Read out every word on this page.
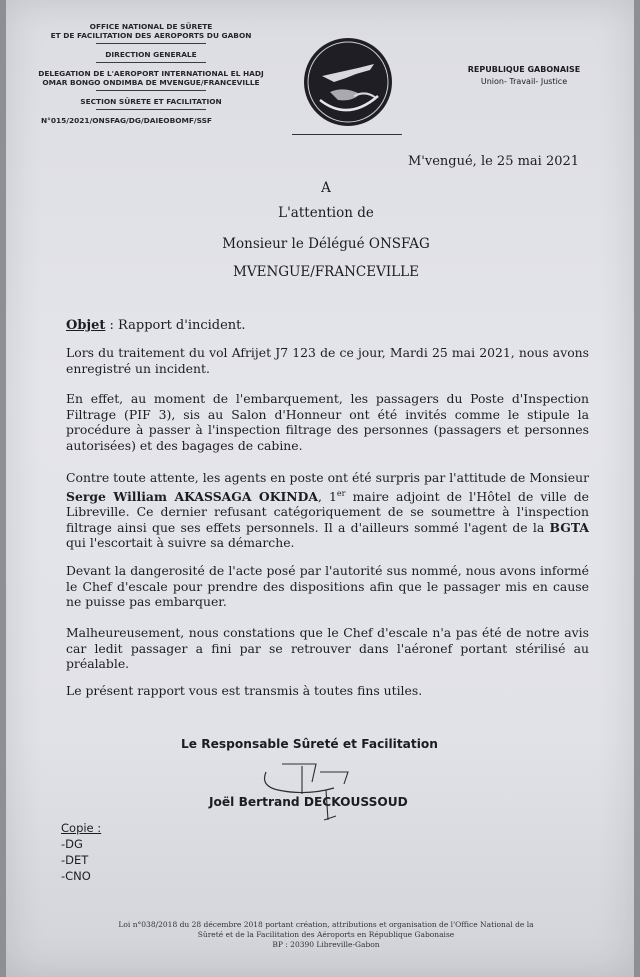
OFFICE NATIONAL DE SÛRETE
ET DE FACILITATION DES AEROPORTS DU GABON
DIRECTION GENERALE
DELEGATION DE L'AEROPORT INTERNATIONAL EL HADJ
OMAR BONGO ONDIMBA DE MVENGUE/FRANCEVILLE
SECTION SÛRETE ET FACILITATION
N°015/2021/ONSFAG/DG/DAIEOBOMF/SSF
REPUBLIQUE GABONAISE
Union- Travail- Justice
M'vengué, le 25 mai 2021
A
L'attention de
Monsieur le Délégué ONSFAG
MVENGUE/FRANCEVILLE
Objet : Rapport d'incident.
Lors du traitement du vol Afrijet J7 123 de ce jour, Mardi 25 mai 2021, nous avons enregistré un incident.
En effet, au moment de l'embarquement, les passagers du Poste d'Inspection Filtrage (PIF 3), sis au Salon d'Honneur ont été invités comme le stipule la procédure à passer à l'inspection filtrage des personnes (passagers et personnes autorisées) et des bagages de cabine.
Contre toute attente, les agents en poste ont été surpris par l'attitude de Monsieur Serge William AKASSAGA OKINDA, 1er maire adjoint de l'Hôtel de ville de Libreville. Ce dernier refusant catégoriquement de se soumettre à l'inspection filtrage ainsi que ses effets personnels. Il a d'ailleurs sommé l'agent de la BGTA qui l'escortait à suivre sa démarche.
Devant la dangerosité de l'acte posé par l'autorité sus nommé, nous avons informé le Chef d'escale pour prendre des dispositions afin que le passager mis en cause ne puisse pas embarquer.
Malheureusement, nous constations que le Chef d'escale n'a pas été de notre avis car ledit passager a fini par se retrouver dans l'aéronef portant stérilisé au préalable.
Le présent rapport vous est transmis à toutes fins utiles.
Le Responsable Sûreté et Facilitation
Joël Bertrand DECKOUSSOUD
Copie :
-DG
-DET
-CNO
Loi n°038/2018 du 28 décembre 2018 portant création, attributions et organisation de l'Office National de la
Sûreté et de la Facilitation des Aéroports en République Gabonaise
BP : 20390 Libreville-Gabon
